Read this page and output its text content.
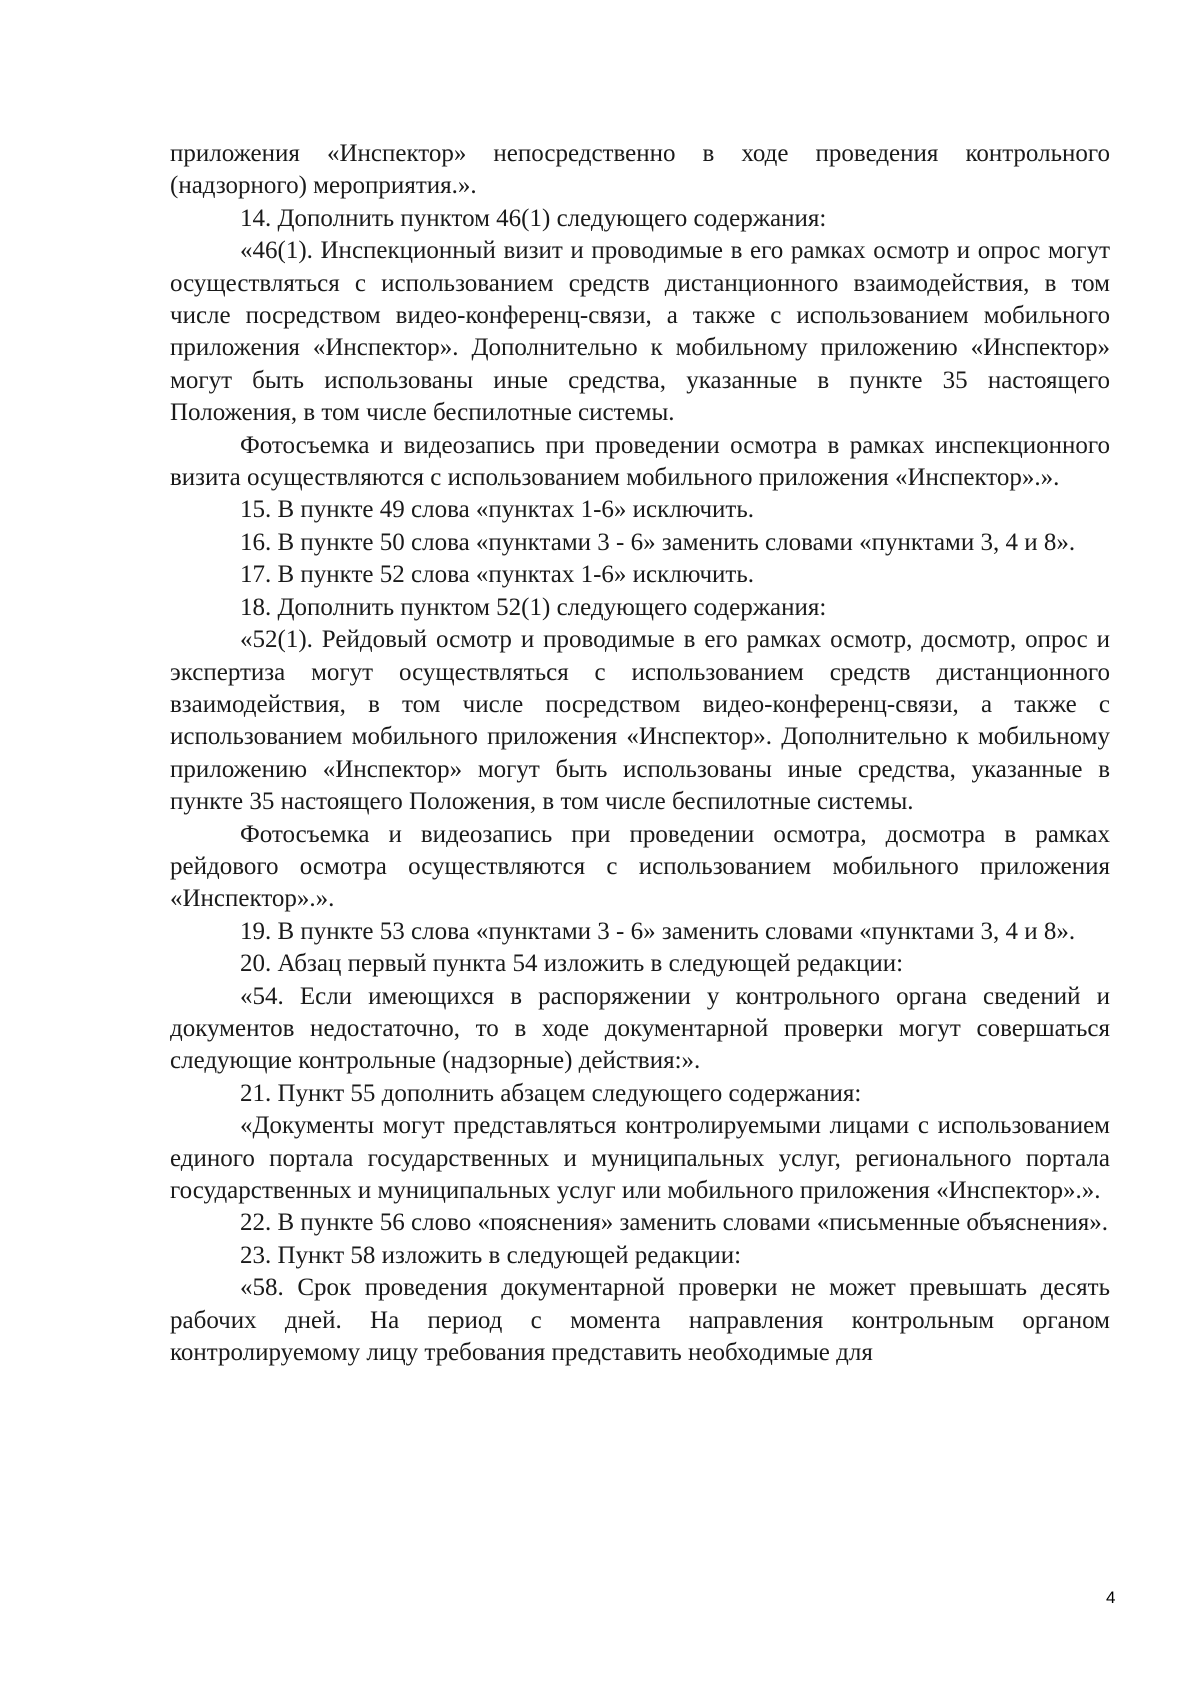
приложения «Инспектор» непосредственно в ходе проведения контрольного (надзорного) мероприятия.».

14. Дополнить пунктом 46(1) следующего содержания:

«46(1). Инспекционный визит и проводимые в его рамках осмотр и опрос могут осуществляться с использованием средств дистанционного взаимодействия, в том числе посредством видео-конференц-связи, а также с использованием мобильного приложения «Инспектор». Дополнительно к мобильному приложению «Инспектор» могут быть использованы иные средства, указанные в пункте 35 настоящего Положения, в том числе беспилотные системы.

Фотосъемка и видеозапись при проведении осмотра в рамках инспекционного визита осуществляются с использованием мобильного приложения «Инспектор».».

15. В пункте 49 слова «пунктах 1-6» исключить.

16. В пункте 50 слова «пунктами 3 - 6» заменить словами «пунктами 3, 4 и 8».

17. В пункте 52 слова «пунктах 1-6» исключить.

18. Дополнить пунктом 52(1) следующего содержания:

«52(1). Рейдовый осмотр и проводимые в его рамках осмотр, досмотр, опрос и экспертиза могут осуществляться с использованием средств дистанционного взаимодействия, в том числе посредством видео-конференц-связи, а также с использованием мобильного приложения «Инспектор». Дополнительно к мобильному приложению «Инспектор» могут быть использованы иные средства, указанные в пункте 35 настоящего Положения, в том числе беспилотные системы.

Фотосъемка и видеозапись при проведении осмотра, досмотра в рамках рейдового осмотра осуществляются с использованием мобильного приложения «Инспектор».».

19. В пункте 53 слова «пунктами 3 - 6» заменить словами «пунктами 3, 4 и 8».

20. Абзац первый пункта 54 изложить в следующей редакции:

«54. Если имеющихся в распоряжении у контрольного органа сведений и документов недостаточно, то в ходе документарной проверки могут совершаться следующие контрольные (надзорные) действия:».

21. Пункт 55 дополнить абзацем следующего содержания:

«Документы могут представляться контролируемыми лицами с использованием единого портала государственных и муниципальных услуг, регионального портала государственных и муниципальных услуг или мобильного приложения «Инспектор».».

22. В пункте 56 слово «пояснения» заменить словами «письменные объяснения».

23. Пункт 58 изложить в следующей редакции:

«58. Срок проведения документарной проверки не может превышать десять рабочих дней. На период с момента направления контрольным органом контролируемому лицу требования представить необходимые для

4
